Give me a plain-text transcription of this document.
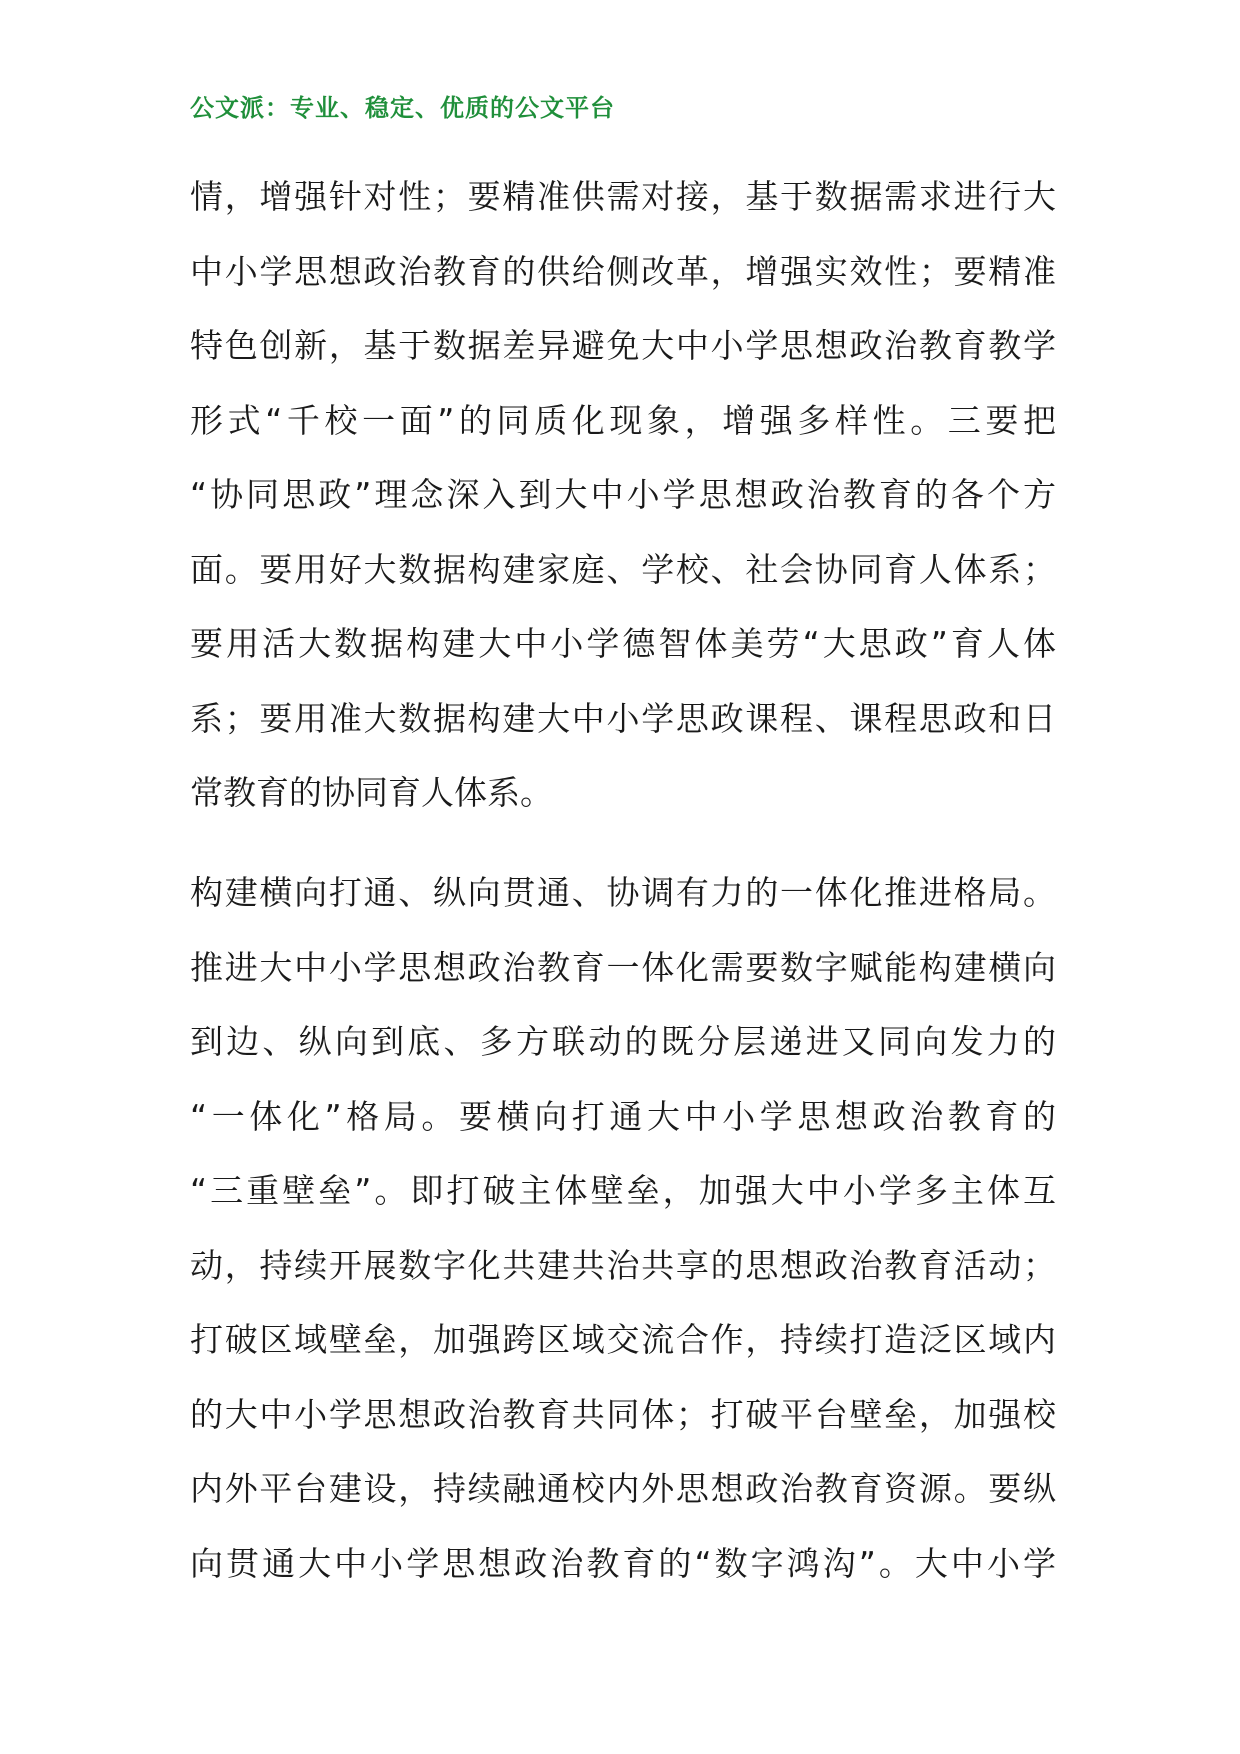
公文派：专业、稳定、优质的公文平台
情，增强针对性；要精准供需对接，基于数据需求进行大
中小学思想政治教育的供给侧改革，增强实效性；要精准
特色创新，基于数据差异避免大中小学思想政治教育教学
形式“千校一面”的同质化现象，增强多样性。三要把
“协同思政”理念深入到大中小学思想政治教育的各个方
面。要用好大数据构建家庭、学校、社会协同育人体系；
要用活大数据构建大中小学德智体美劳“大思政”育人体
系；要用准大数据构建大中小学思政课程、课程思政和日
常教育的协同育人体系。
构建横向打通、纵向贯通、协调有力的一体化推进格局。
推进大中小学思想政治教育一体化需要数字赋能构建横向
到边、纵向到底、多方联动的既分层递进又同向发力的
“一体化”格局。要横向打通大中小学思想政治教育的
“三重壁垒”。即打破主体壁垒，加强大中小学多主体互
动，持续开展数字化共建共治共享的思想政治教育活动；
打破区域壁垒，加强跨区域交流合作，持续打造泛区域内
的大中小学思想政治教育共同体；打破平台壁垒，加强校
内外平台建设，持续融通校内外思想政治教育资源。要纵
向贯通大中小学思想政治教育的“数字鸿沟”。大中小学
